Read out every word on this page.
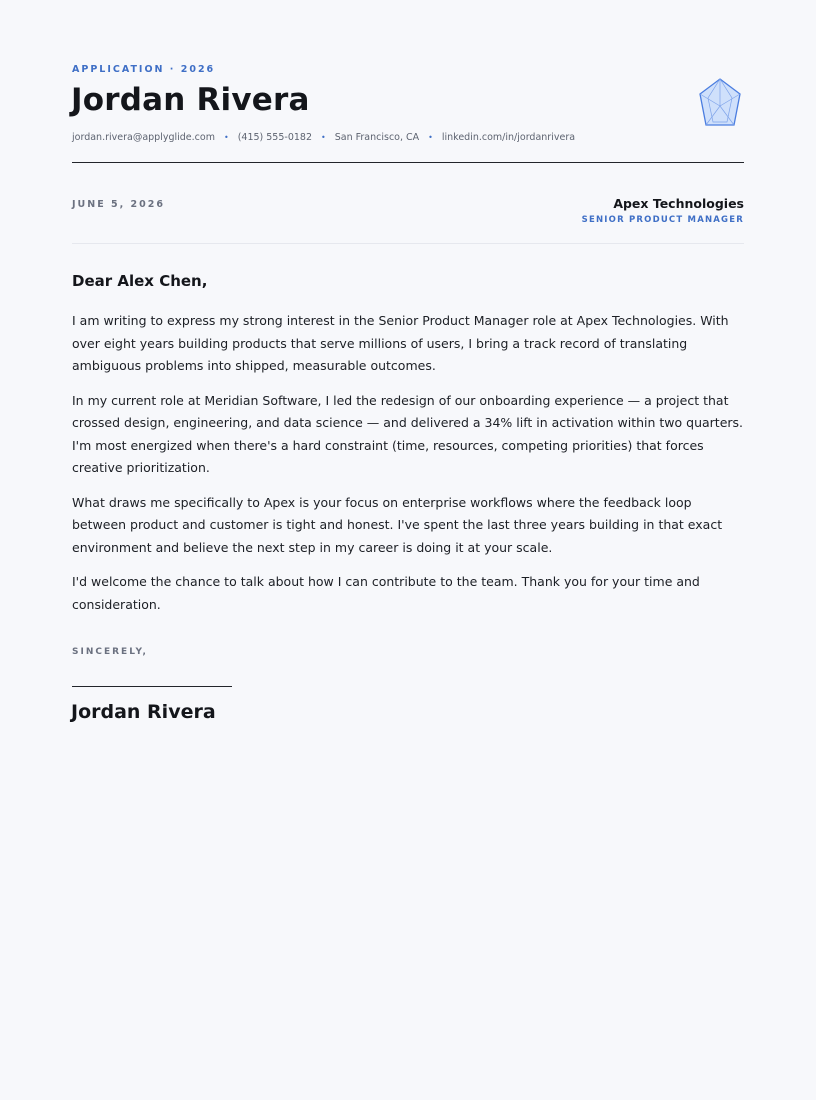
APPLICATION · 2026
Jordan Rivera
jordan.rivera@applyglide.com • (415) 555-0182 • San Francisco, CA • linkedin.com/in/jordanrivera
JUNE 5, 2026	Apex Technologies
SENIOR PRODUCT MANAGER
Dear Alex Chen,

I am writing to express my strong interest in the Senior Product Manager role at Apex Technologies. With over eight years building products that serve millions of users, I bring a track record of translating ambiguous problems into shipped, measurable outcomes.

In my current role at Meridian Software, I led the redesign of our onboarding experience — a project that crossed design, engineering, and data science — and delivered a 34% lift in activation within two quarters. I'm most energized when there's a hard constraint (time, resources, competing priorities) that forces creative prioritization.

What draws me specifically to Apex is your focus on enterprise workflows where the feedback loop between product and customer is tight and honest. I've spent the last three years building in that exact environment and believe the next step in my career is doing it at your scale.

I'd welcome the chance to talk about how I can contribute to the team. Thank you for your time and consideration.

SINCERELY,
Jordan Rivera
